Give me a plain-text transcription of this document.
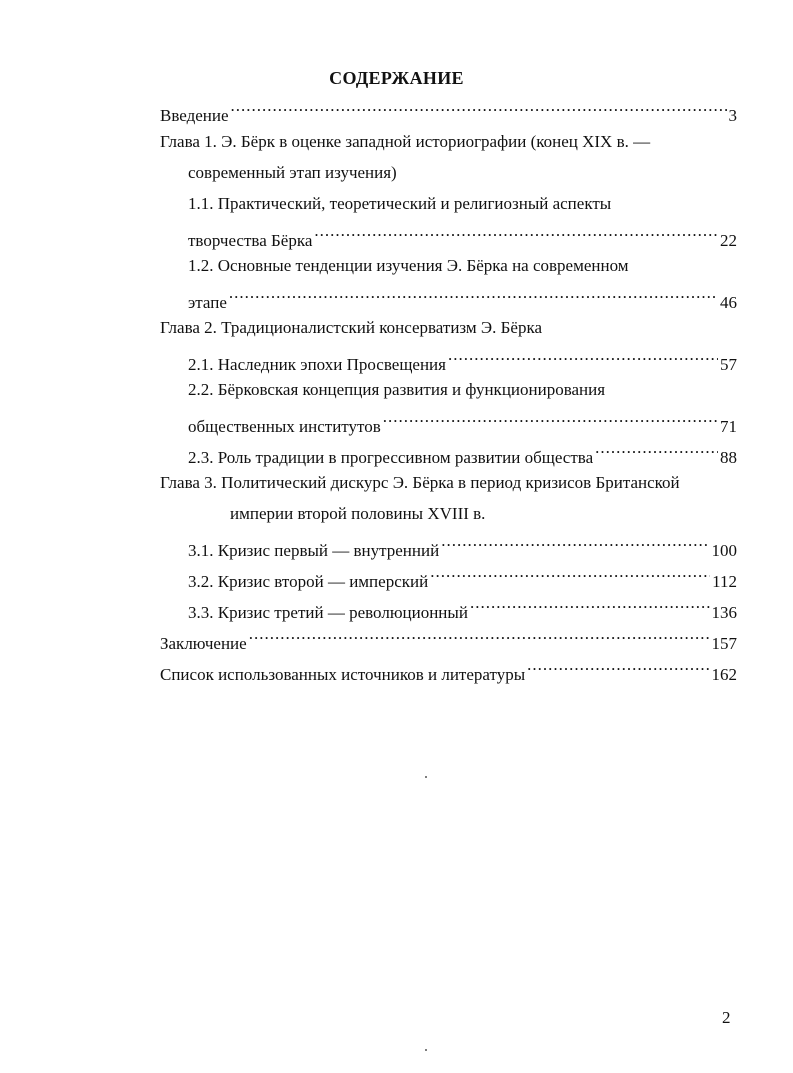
СОДЕРЖАНИЕ
Введение .....	3
Глава 1. Э. Бёрк в оценке западной историографии (конец XIX в. —
современный этап изучения)
1.1. Практический, теоретический и религиозный аспекты
творчества Бёрка .....	22
1.2. Основные тенденции изучения Э. Бёрка на современном
этапе .....	46
Глава 2. Традиционалистский консерватизм Э. Бёрка
2.1. Наследник эпохи Просвещения .....	57
2.2. Бёрковская концепция развития и функционирования
общественных институтов .....	71
2.3. Роль традиции в прогрессивном развитии общества .....	88
Глава 3. Политический дискурс Э. Бёрка в период кризисов Британской
империи второй половины XVIII в.
3.1. Кризис первый — внутренний .....	100
3.2. Кризис второй — имперский .....	112
3.3. Кризис третий — революционный .....	136
Заключение .....	157
Список использованных источников и литературы .....	162
2
